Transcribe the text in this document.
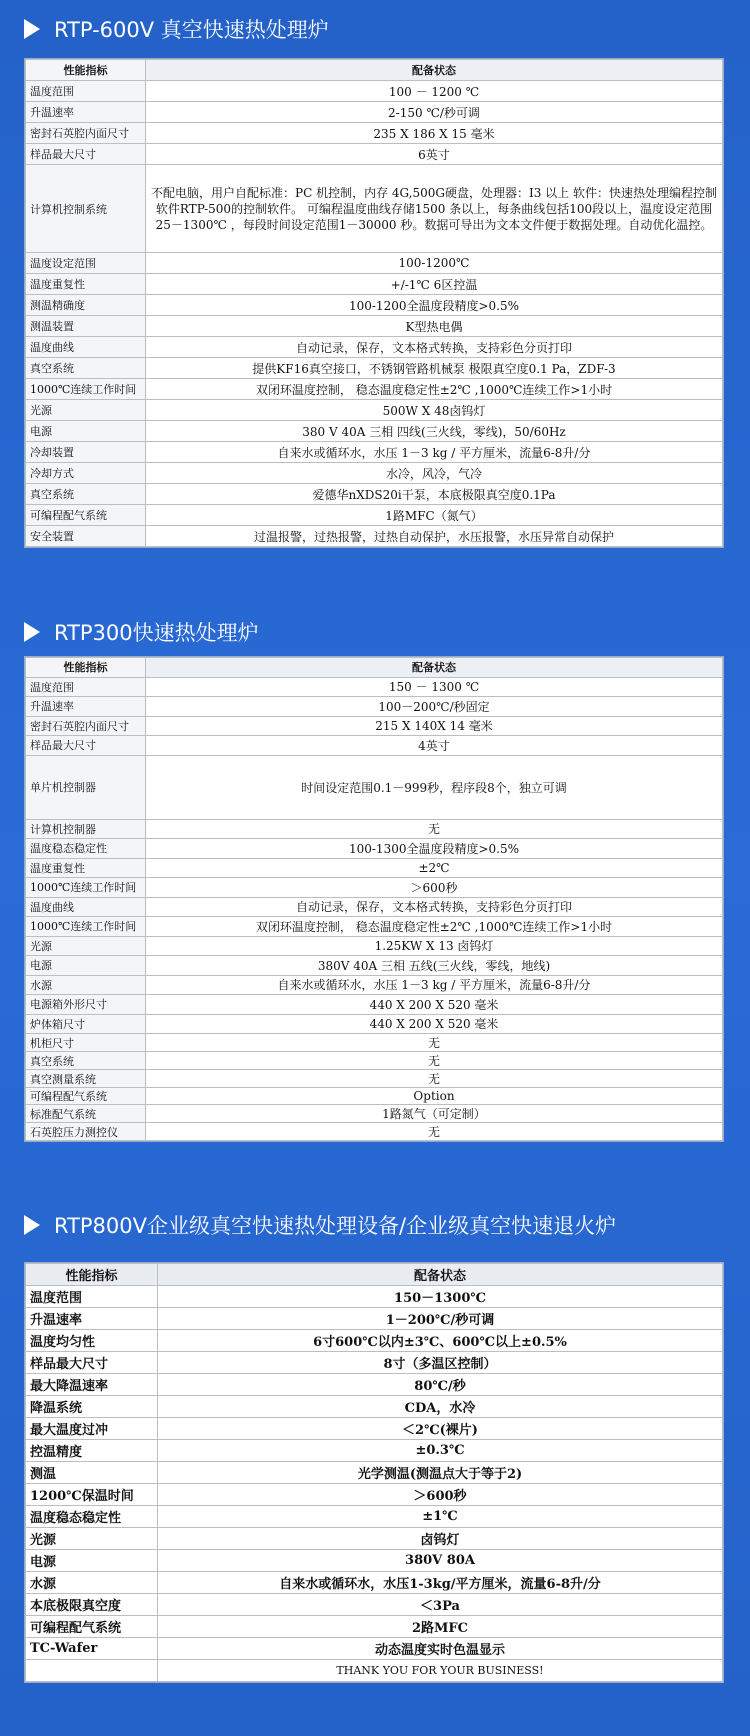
RTP-600V 真空快速热处理炉
性能指标	配备状态
温度范围	100 － 1200 ℃
升温速率	2-150 ℃/秒可调
密封石英腔内面尺寸	235 X 186 X 15 毫米
样品最大尺寸	6英寸
计算机控制系统	不配电脑，用户自配标准：PC 机控制，内存 4G,500G硬盘，处理器：I3 以上 软件：快速热处理编程控制软件RTP-500的控制软件。 可编程温度曲线存储1500 条以上，每条曲线包括100段以上，温度设定范围 25－1300℃ ，每段时间设定范围1－30000 秒。数据可导出为文本文件便于数据处理。自动优化温控。
温度设定范围	100-1200℃
温度重复性	+/-1℃ 6区控温
测温精确度	100-1200全温度段精度>0.5%
测温装置	K型热电偶
温度曲线	自动记录，保存，文本格式转换，支持彩色分页打印
真空系统	提供KF16真空接口，不锈钢管路机械泵 极限真空度0.1 Pa，ZDF-3
1000℃连续工作时间	双闭环温度控制， 稳态温度稳定性±2℃ ,1000℃连续工作>1小时
光源	500W X 48卤钨灯
电源	380 V 40A 三相 四线(三火线，零线)，50/60Hz
冷却装置	自来水或循环水，水压 1－3 kg / 平方厘米，流量6-8升/分
冷却方式	水冷，风冷，气冷
真空系统	爱德华nXDS20i干泵，本底极限真空度0.1Pa
可编程配气系统	1路MFC（氮气）
安全装置	过温报警，过热报警，过热自动保护，水压报警，水压异常自动保护
RTP300快速热处理炉
性能指标	配备状态
温度范围	150 － 1300 ℃
升温速率	100－200℃/秒固定
密封石英腔内面尺寸	215 X 140X 14 毫米
样品最大尺寸	4英寸
单片机控制器	时间设定范围0.1－999秒，程序段8个，独立可调
计算机控制器	无
温度稳态稳定性	100-1300全温度段精度>0.5%
温度重复性	±2℃
1000℃连续工作时间	＞600秒
温度曲线	自动记录，保存，文本格式转换，支持彩色分页打印
1000℃连续工作时间	双闭环温度控制， 稳态温度稳定性±2℃ ,1000℃连续工作>1小时
光源	1.25KW X 13 卤钨灯
电源	380V 40A 三相 五线(三火线，零线，地线)
水源	自来水或循环水，水压 1－3 kg / 平方厘米，流量6-8升/分
电源箱外形尺寸	440 X 200 X 520 毫米
炉体箱尺寸	440 X 200 X 520 毫米
机柜尺寸	无
真空系统	无
真空测量系统	无
可编程配气系统	Option
标准配气系统	1路氮气（可定制）
石英腔压力测控仪	无
RTP800V企业级真空快速热处理设备/企业级真空快速退火炉
性能指标	配备状态
温度范围	150－1300℃
升温速率	1－200℃/秒可调
温度均匀性	6寸600℃以内±3℃、600℃以上±0.5%
样品最大尺寸	8寸（多温区控制）
最大降温速率	80℃/秒
降温系统	CDA，水冷
最大温度过冲	＜2℃(裸片)
控温精度	±0.3℃
测温	光学测温(测温点大于等于2)
1200℃保温时间	＞600秒
温度稳态稳定性	±1℃
光源	卤钨灯
电源	380V 80A
水源	自来水或循环水，水压1-3kg/平方厘米，流量6-8升/分
本底极限真空度	＜3Pa
可编程配气系统	2路MFC
TC-Wafer	动态温度实时色温显示
	THANK YOU FOR YOUR BUSINESS!
